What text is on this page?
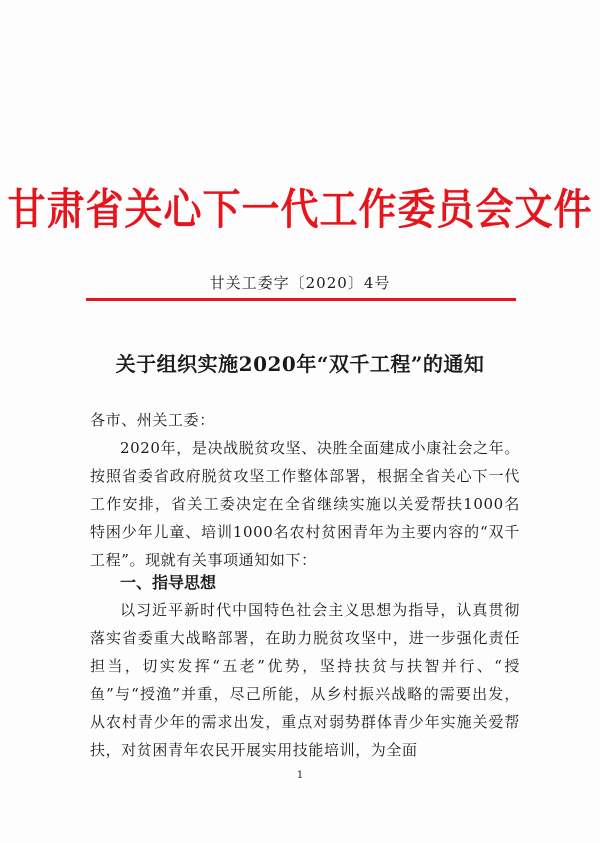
甘肃省关心下一代工作委员会文件
甘关工委字〔2020〕4号
关于组织实施2020年“双千工程”的通知
各市、州关工委：
2020年，是决战脱贫攻坚、决胜全面建成小康社会之年。按照省委省政府脱贫攻坚工作整体部署，根据全省关心下一代工作安排，省关工委决定在全省继续实施以关爱帮扶1000名特困少年儿童、培训1000名农村贫困青年为主要内容的“双千工程”。现就有关事项通知如下：
一、指导思想
以习近平新时代中国特色社会主义思想为指导，认真贯彻落实省委重大战略部署，在助力脱贫攻坚中，进一步强化责任担当，切实发挥“五老”优势，坚持扶贫与扶智并行、“授鱼”与“授渔”并重，尽己所能，从乡村振兴战略的需要出发，从农村青少年的需求出发，重点对弱势群体青少年实施关爱帮扶，对贫困青年农民开展实用技能培训，为全面
1
